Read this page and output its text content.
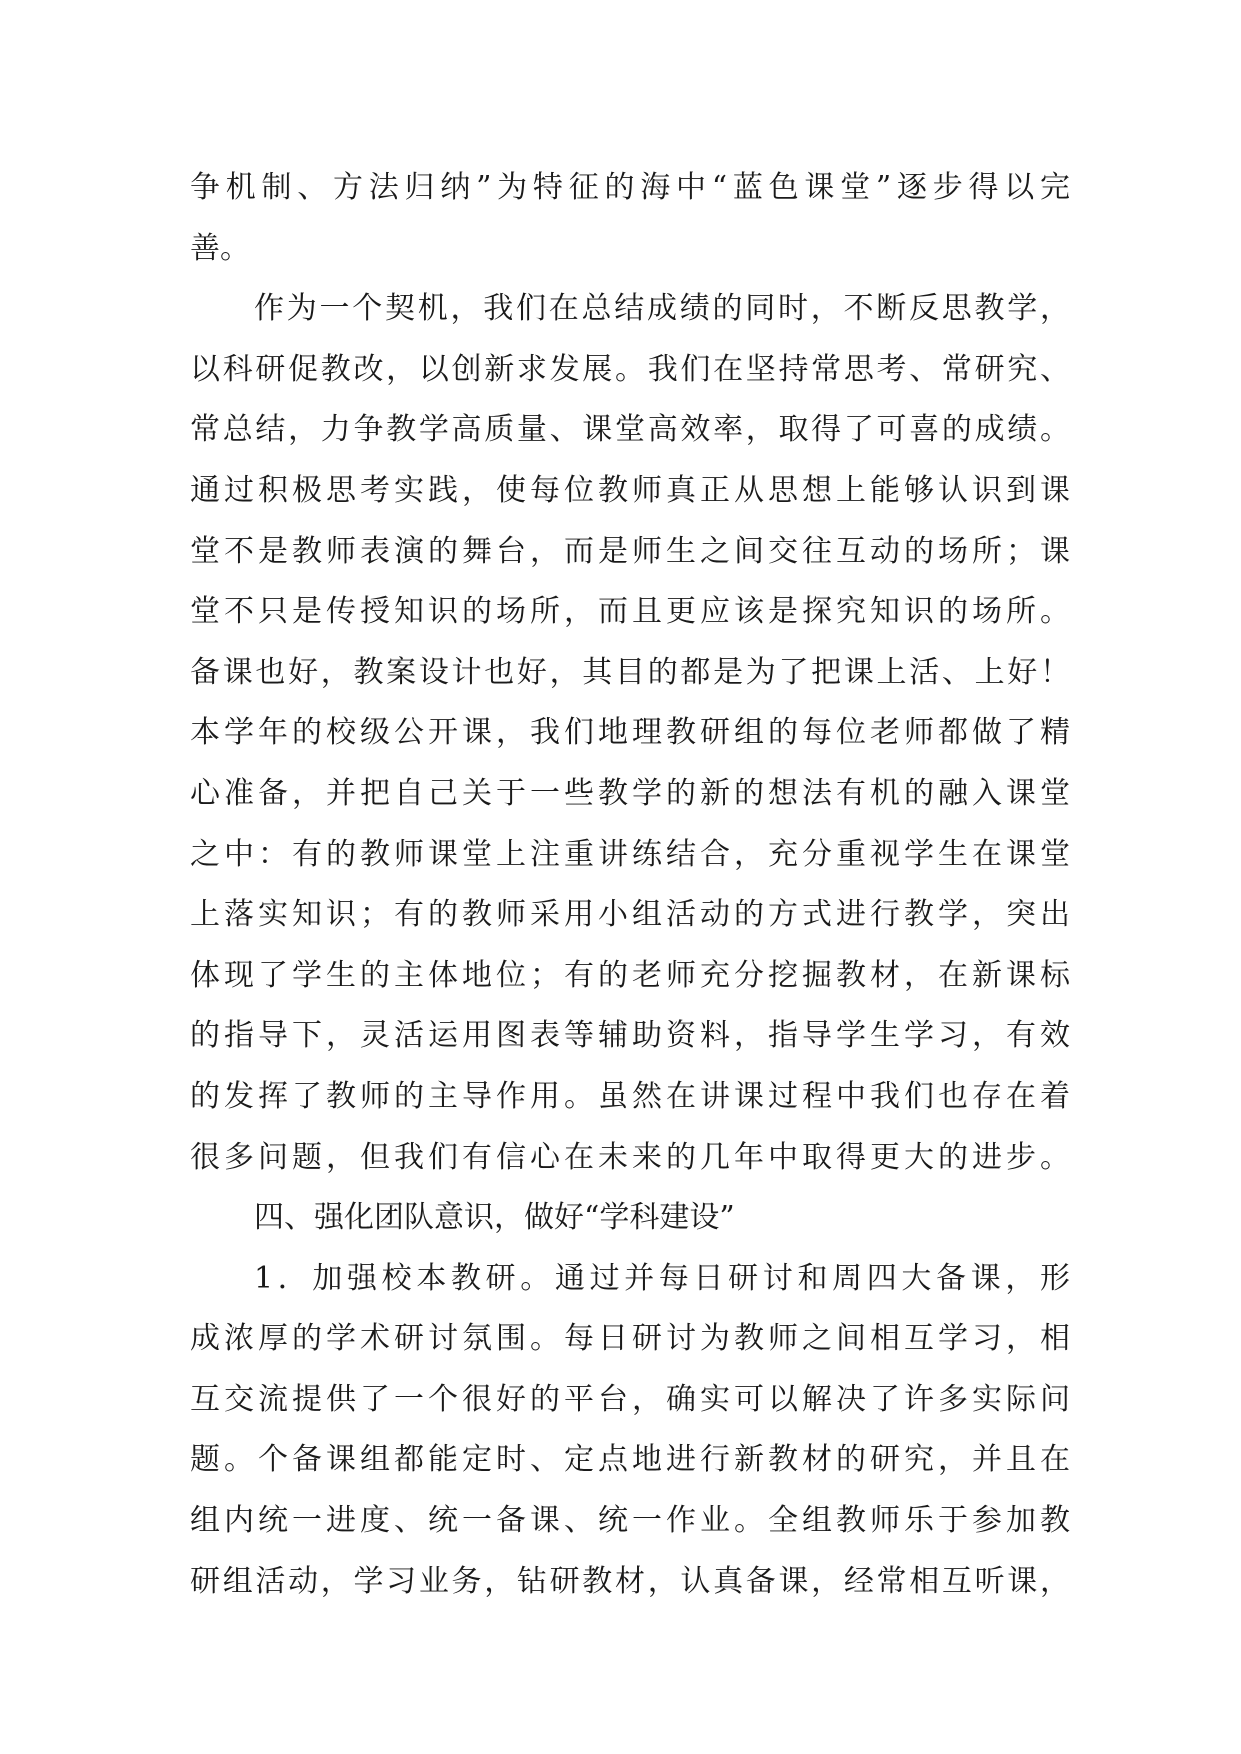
争机制、方法归纳”为特征的海中“蓝色课堂”逐步得以完
善。
作为一个契机，我们在总结成绩的同时，不断反思教学，
以科研促教改，以创新求发展。我们在坚持常思考、常研究、
常总结，力争教学高质量、课堂高效率，取得了可喜的成绩。
通过积极思考实践，使每位教师真正从思想上能够认识到课
堂不是教师表演的舞台，而是师生之间交往互动的场所；课
堂不只是传授知识的场所，而且更应该是探究知识的场所。
备课也好，教案设计也好，其目的都是为了把课上活、上好！
本学年的校级公开课，我们地理教研组的每位老师都做了精
心准备，并把自己关于一些教学的新的想法有机的融入课堂
之中：有的教师课堂上注重讲练结合，充分重视学生在课堂
上落实知识；有的教师采用小组活动的方式进行教学，突出
体现了学生的主体地位；有的老师充分挖掘教材，在新课标
的指导下，灵活运用图表等辅助资料，指导学生学习，有效
的发挥了教师的主导作用。虽然在讲课过程中我们也存在着
很多问题，但我们有信心在未来的几年中取得更大的进步。
四、强化团队意识，做好“学科建设”
1．加强校本教研。通过并每日研讨和周四大备课，形
成浓厚的学术研讨氛围。每日研讨为教师之间相互学习，相
互交流提供了一个很好的平台，确实可以解决了许多实际问
题。个备课组都能定时、定点地进行新教材的研究，并且在
组内统一进度、统一备课、统一作业。全组教师乐于参加教
研组活动，学习业务，钻研教材，认真备课，经常相互听课，
